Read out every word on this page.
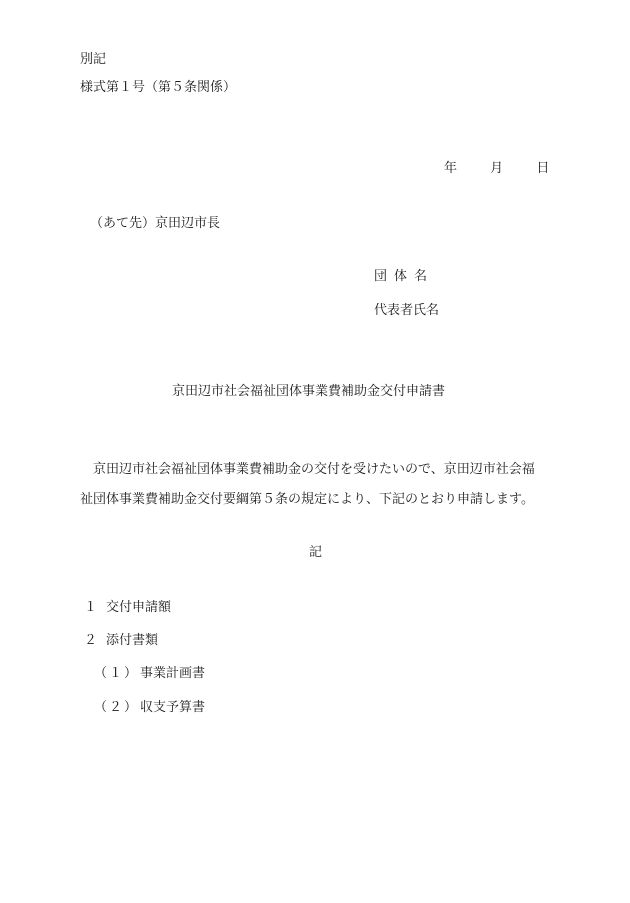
別記
様式第１号（第５条関係）
年	月	日
（あて先）京田辺市長
団体名
代表者氏名
京田辺市社会福祉団体事業費補助金交付申請書

京田辺市社会福祉団体事業費補助金の交付を受けたいので、京田辺市社会福

祉団体事業費補助金交付要綱第５条の規定により、下記のとおり申請します。

記
１ 交付申請額
２ 添付書類
（１）事業計画書
（２）収支予算書
